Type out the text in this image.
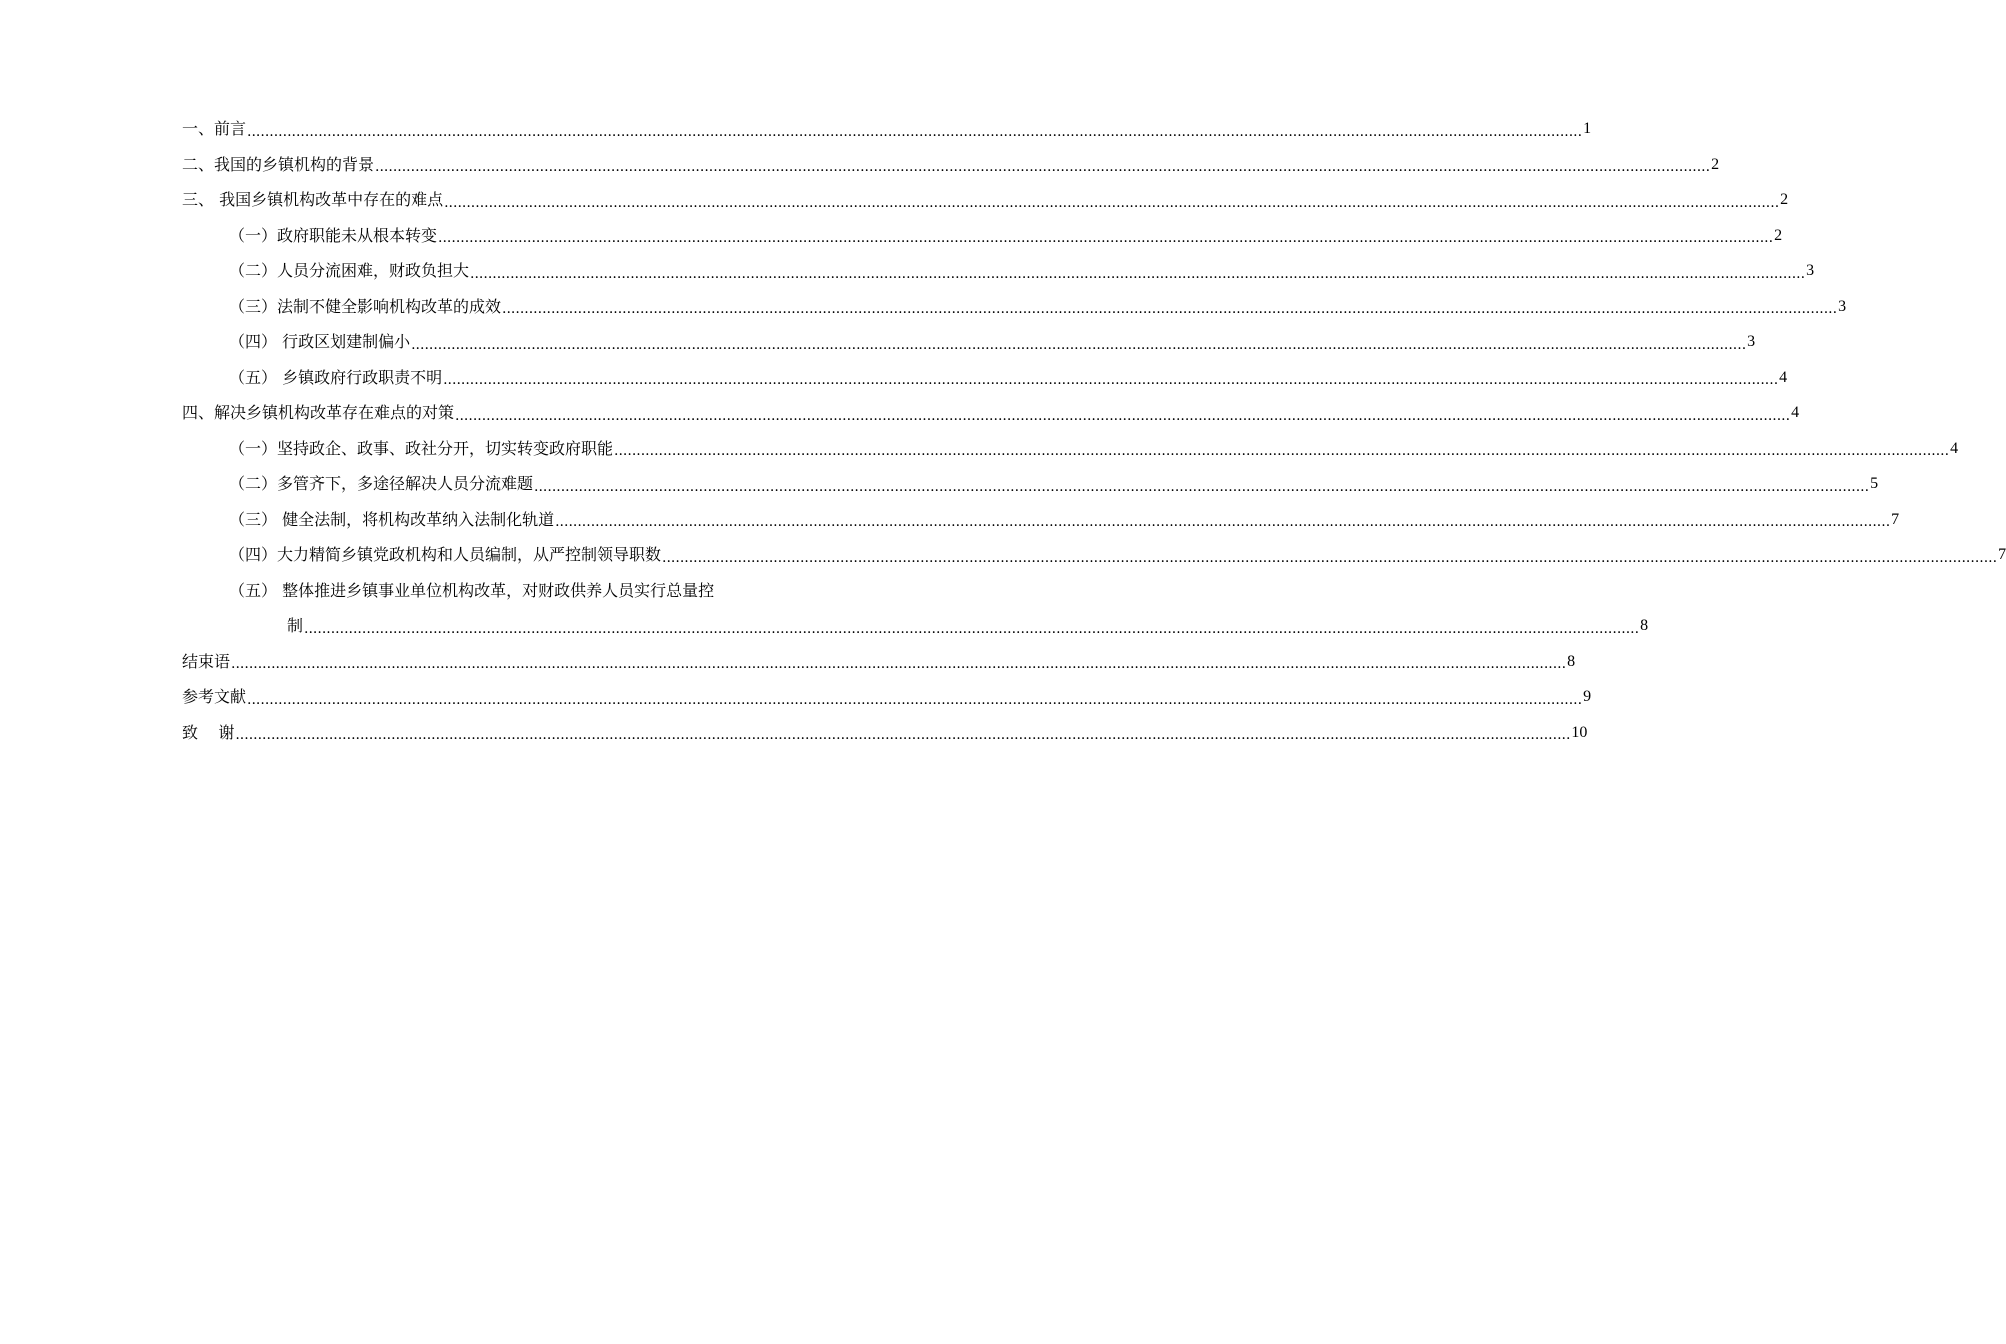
一、前言 ............................................................................................................................................................................................................................................................................................................ 1
二、我国的乡镇机构的背景 ............................................................................................................................................................................................................................................................................................................ 2
三、 我国乡镇机构改革中存在的难点 ............................................................................................................................................................................................................................................................................................................ 2
（一）政府职能未从根本转变 ............................................................................................................................................................................................................................................................................................................ 2
（二）人员分流困难，财政负担大 ............................................................................................................................................................................................................................................................................................................ 3
（三）法制不健全影响机构改革的成效 ............................................................................................................................................................................................................................................................................................................ 3
（四） 行政区划建制偏小 ............................................................................................................................................................................................................................................................................................................ 3
（五） 乡镇政府行政职责不明 ............................................................................................................................................................................................................................................................................................................ 4
四、解决乡镇机构改革存在难点的对策 ............................................................................................................................................................................................................................................................................................................ 4
（一）坚持政企、政事、政社分开，切实转变政府职能 ............................................................................................................................................................................................................................................................................................................ 4
（二）多管齐下，多途径解决人员分流难题 ............................................................................................................................................................................................................................................................................................................ 5
（三） 健全法制，将机构改革纳入法制化轨道 ............................................................................................................................................................................................................................................................................................................ 7
（四）大力精简乡镇党政机构和人员编制，从严控制领导职数 ............................................................................................................................................................................................................................................................................................................ 7
（五） 整体推进乡镇事业单位机构改革，对财政供养人员实行总量控
制 ............................................................................................................................................................................................................................................................................................................ 8
结束语 ............................................................................................................................................................................................................................................................................................................ 8
参考文献 ............................................................................................................................................................................................................................................................................................................ 9
致    谢 ............................................................................................................................................................................................................................................................................................................ 10
